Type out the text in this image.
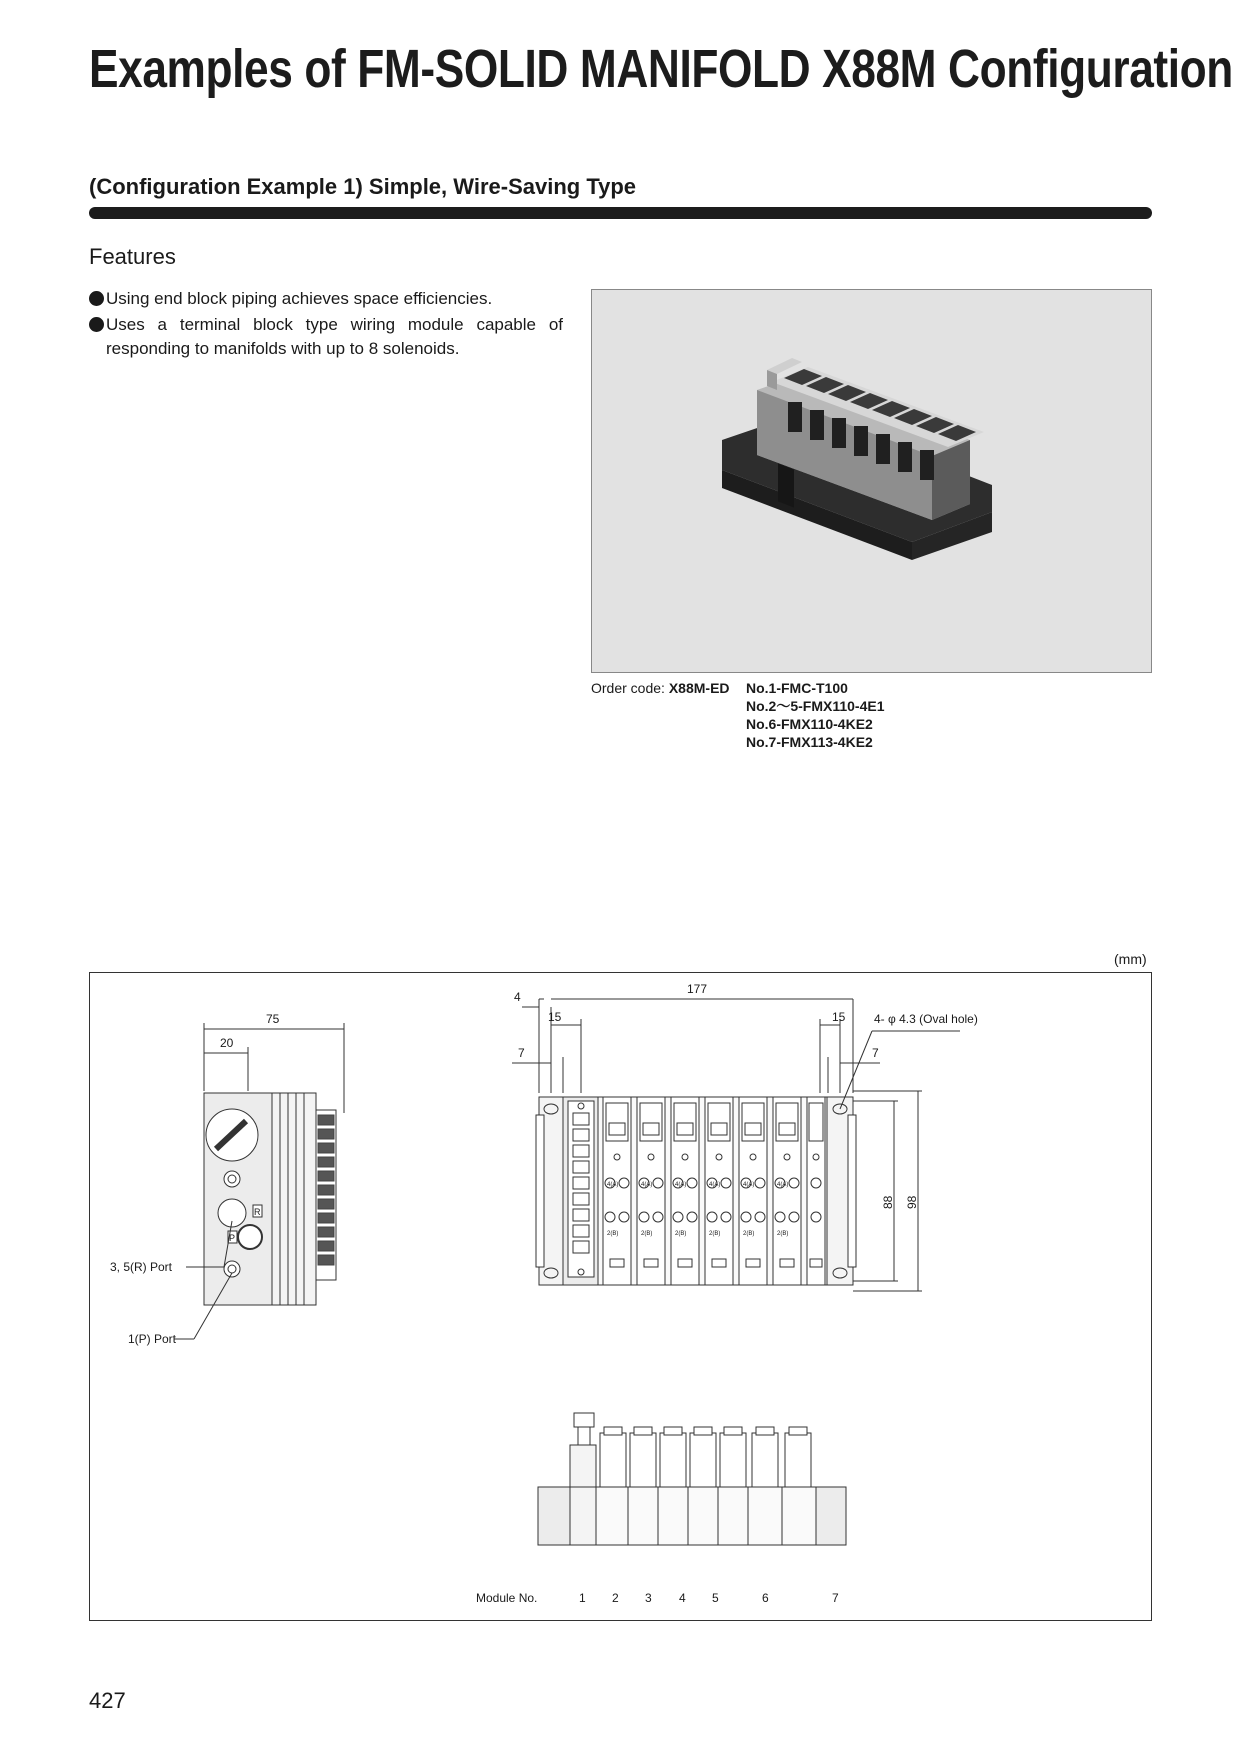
Examples of FM-SOLID MANIFOLD X88M Configuration
(Configuration Example 1) Simple, Wire-Saving Type
Features
Using end block piping achieves space efficiencies.
Uses a terminal block type wiring module capable of
responding to manifolds with up to 8 solenoids.
Order code: X88M-ED No.1-FMC-T100
No.2〜5-FMX110-4E1
No.6-FMX110-4KE2
No.7-FMX113-4KE2
(mm)
75
20
3, 5(R) Port
1(P) Port
R
P
4
177
15	15
7	7
4- φ 4.3 (Oval hole)
88 98
4(A)	4(A)	4(A)	4(A)	4(A)	4(A)
2(B)	2(B)	2(B)	2(B)	2(B)	2(B)
Module No.	1 2 3 4 5	6	7
427
